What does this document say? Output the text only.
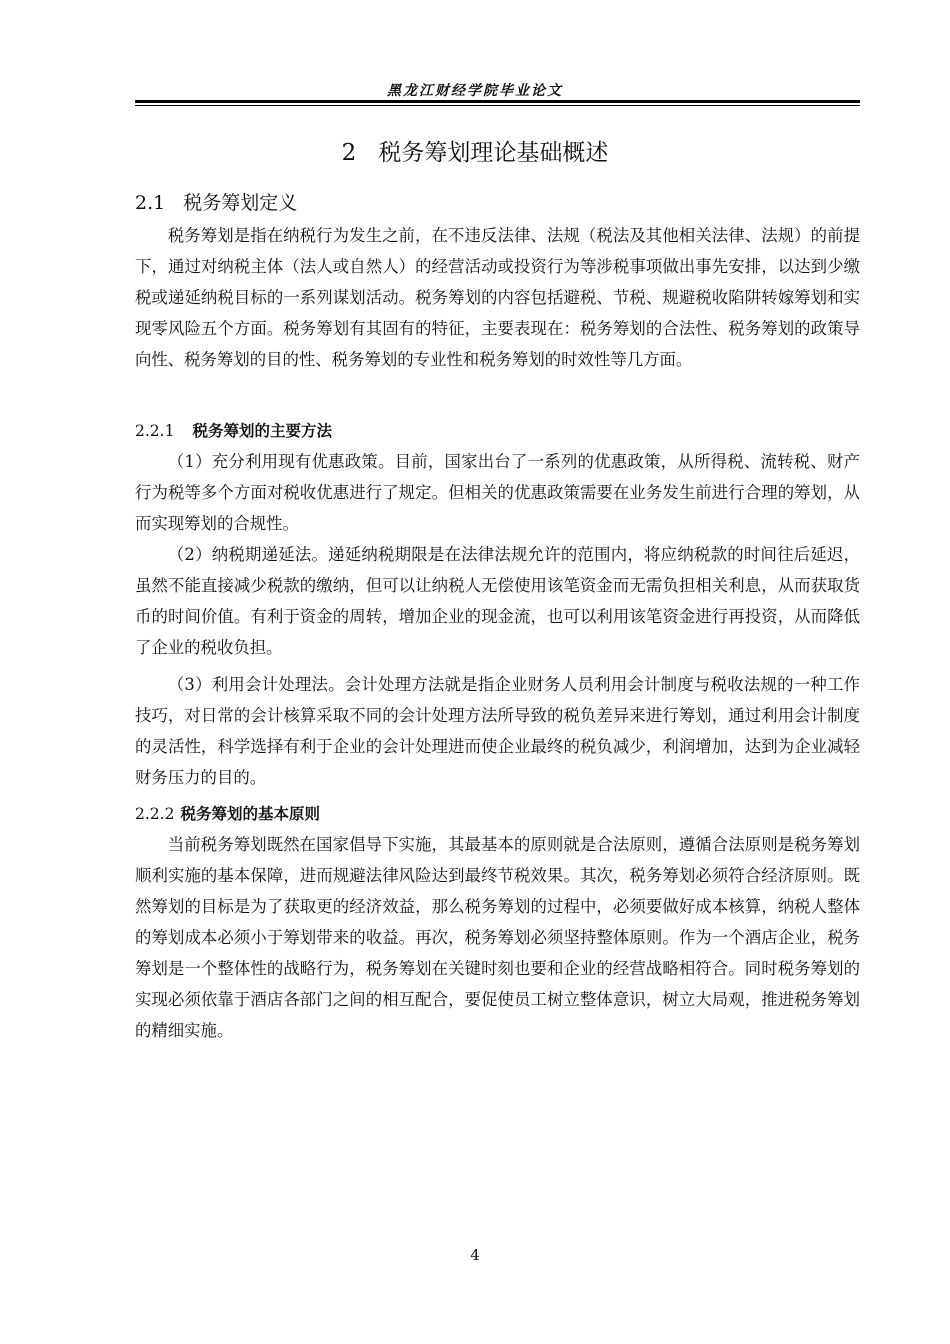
黑龙江财经学院毕业论文
2 税务筹划理论基础概述
2.1 税务筹划定义

税务筹划是指在纳税行为发生之前，在不违反法律、法规（税法及其他相关法律、法规）的前提下，通过对纳税主体（法人或自然人）的经营活动或投资行为等涉税事项做出事先安排，以达到少缴税或递延纳税目标的一系列谋划活动。税务筹划的内容包括避税、节税、规避税收陷阱转嫁筹划和实现零风险五个方面。税务筹划有其固有的特征，主要表现在：税务筹划的合法性、税务筹划的政策导向性、税务筹划的目的性、税务筹划的专业性和税务筹划的时效性等几方面。

2.2.1 税务筹划的主要方法

（1）充分利用现有优惠政策。目前，国家出台了一系列的优惠政策，从所得税、流转税、财产行为税等多个方面对税收优惠进行了规定。但相关的优惠政策需要在业务发生前进行合理的筹划，从而实现筹划的合规性。

（2）纳税期递延法。递延纳税期限是在法律法规允许的范围内，将应纳税款的时间往后延迟，虽然不能直接减少税款的缴纳，但可以让纳税人无偿使用该笔资金而无需负担相关利息，从而获取货币的时间价值。有利于资金的周转，增加企业的现金流，也可以利用该笔资金进行再投资，从而降低了企业的税收负担。

（3）利用会计处理法。会计处理方法就是指企业财务人员利用会计制度与税收法规的一种工作技巧，对日常的会计核算采取不同的会计处理方法所导致的税负差异来进行筹划，通过利用会计制度的灵活性，科学选择有利于企业的会计处理进而使企业最终的税负减少，利润增加，达到为企业减轻财务压力的目的。

2.2.2 税务筹划的基本原则

当前税务筹划既然在国家倡导下实施，其最基本的原则就是合法原则，遵循合法原则是税务筹划顺利实施的基本保障，进而规避法律风险达到最终节税效果。其次，税务筹划必须符合经济原则。既然筹划的目标是为了获取更的经济效益，那么税务筹划的过程中，必须要做好成本核算，纳税人整体的筹划成本必须小于筹划带来的收益。再次，税务筹划必须坚持整体原则。作为一个酒店企业，税务筹划是一个整体性的战略行为，税务筹划在关键时刻也要和企业的经营战略相符合。同时税务筹划的实现必须依靠于酒店各部门之间的相互配合，要促使员工树立整体意识，树立大局观，推进税务筹划的精细实施。

4
